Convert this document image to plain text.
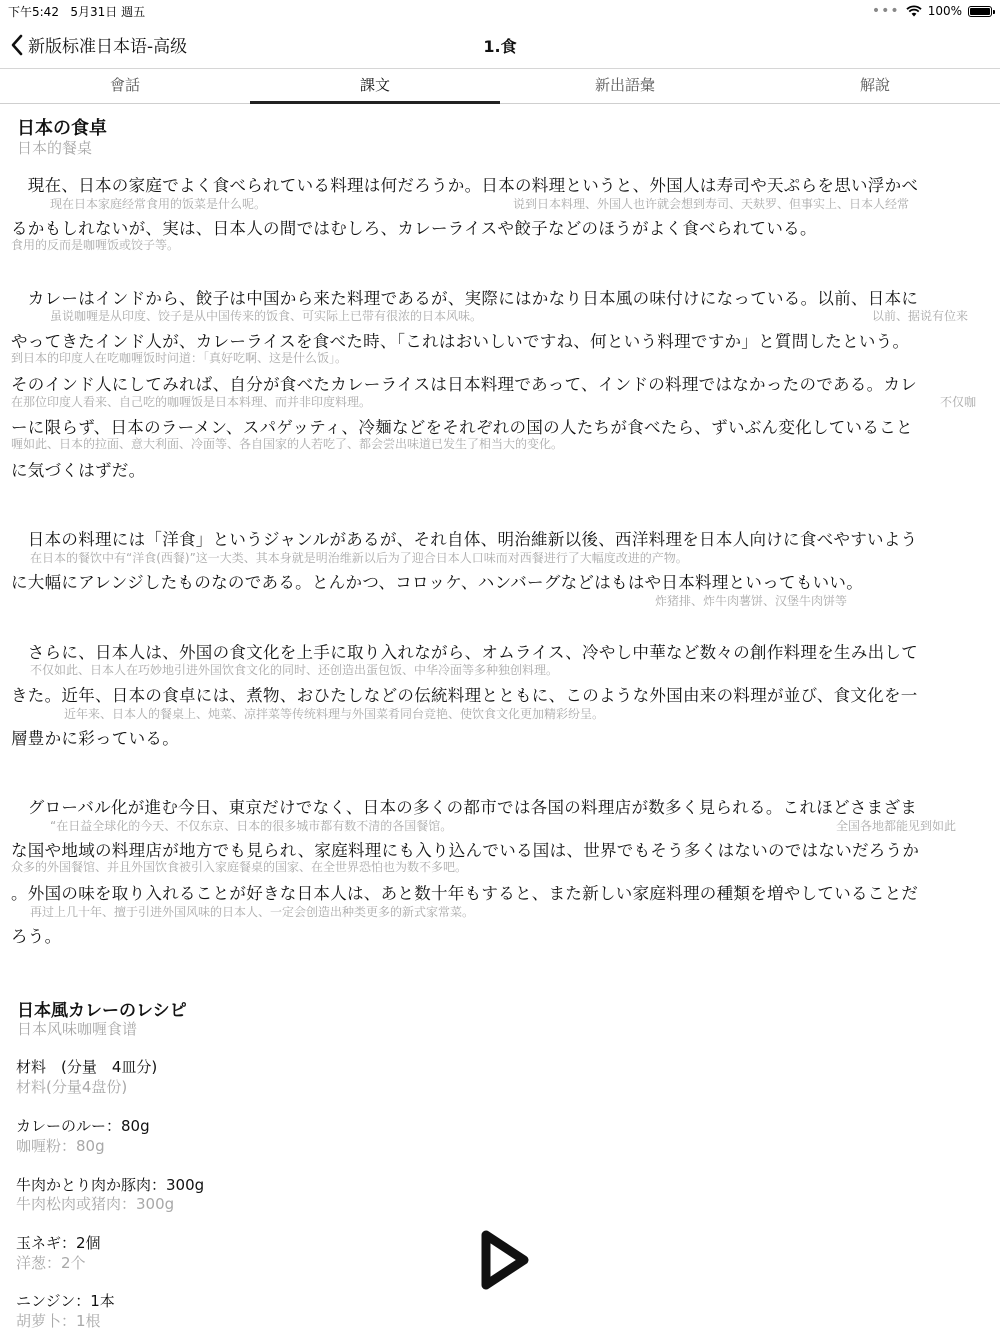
下午5:42 5月31日 週五	••• 100%
新版标准日本语-高级	1.食
會話	課文	新出語彙	解說
日本の食卓
日本的餐桌
　現在、日本の家庭でよく食べられている料理は何だろうか。日本の料理というと、外国人は寿司や天ぷらを思い浮かべ
现在日本家庭经常食用的饭菜是什么呢。	说到日本料理、外国人也许就会想到寿司、天麸罗、但事实上、日本人经常
るかもしれないが、実は、日本人の間ではむしろ、カレーライスや餃子などのほうがよく食べられている。
食用的反而是咖喱饭或饺子等。
　カレーはインドから、餃子は中国から来た料理であるが、実際にはかなり日本風の味付けになっている。以前、日本に
虽说咖喱是从印度、饺子是从中国传来的饭食、可实际上已带有很浓的日本风味。	以前、据说有位来
やってきたインド人が、カレーライスを食べた時、「これはおいしいですね、何という料理ですか」と質問したという。
到日本的印度人在吃咖喱饭时问道：「真好吃啊、这是什么饭」。
そのインド人にしてみれば、自分が食べたカレーライスは日本料理であって、インドの料理ではなかったのである。カレ
在那位印度人看来、自己吃的咖喱饭是日本料理、而并非印度料理。	不仅咖
ーに限らず、日本のラーメン、スパゲッティ、冷麺などをそれぞれの国の人たちが食べたら、ずいぶん変化していること
喱如此、日本的拉面、意大利面、冷面等、各自国家的人若吃了、都会尝出味道已发生了相当大的变化。
に気づくはずだ。
　日本の料理には「洋食」というジャンルがあるが、それ自体、明治維新以後、西洋料理を日本人向けに食べやすいよう
在日本的餐饮中有“洋食(西餐)”这一大类、其本身就是明治维新以后为了迎合日本人口味而对西餐进行了大幅度改进的产物。
に大幅にアレンジしたものなのである。とんかつ、コロッケ、ハンバーグなどはもはや日本料理といってもいい。
炸猪排、炸牛肉薯饼、汉堡牛肉饼等
　さらに、日本人は、外国の食文化を上手に取り入れながら、オムライス、冷やし中華など数々の創作料理を生み出して
不仅如此、日本人在巧妙地引进外国饮食文化的同时、还创造出蛋包饭、中华冷面等多种独创料理。
きた。近年、日本の食卓には、煮物、おひたしなどの伝統料理とともに、このような外国由来の料理が並び、食文化を一
近年来、日本人的餐桌上、炖菜、凉拌菜等传统料理与外国菜肴同台竞艳、使饮食文化更加精彩纷呈。
層豊かに彩っている。
　グローバル化が進む今日、東京だけでなく、日本の多くの都市では各国の料理店が数多く見られる。これほどさまざま
“在日益全球化的今天、不仅东京、日本的很多城市都有数不清的各国餐馆。	全国各地都能见到如此
な国や地域の料理店が地方でも見られ、家庭料理にも入り込んでいる国は、世界でもそう多くはないのではないだろうか
众多的外国餐馆、并且外国饮食被引入家庭餐桌的国家、在全世界恐怕也为数不多吧。
。外国の味を取り入れることが好きな日本人は、あと数十年もすると、また新しい家庭料理の種類を増やしていることだ
再过上几十年、擅于引进外国风味的日本人、一定会创造出种类更多的新式家常菜。
ろう。
日本風カレーのレシピ
日本风味咖喱食谱
材料　(分量　4皿分)
材料(分量4盘份)
カレーのルー：80g
咖喱粉：80g
牛肉かとり肉か豚肉：300g
牛肉松肉或猪肉：300g
玉ネギ：2個
洋葱：2个
ニンジン：1本
胡萝卜：1根
